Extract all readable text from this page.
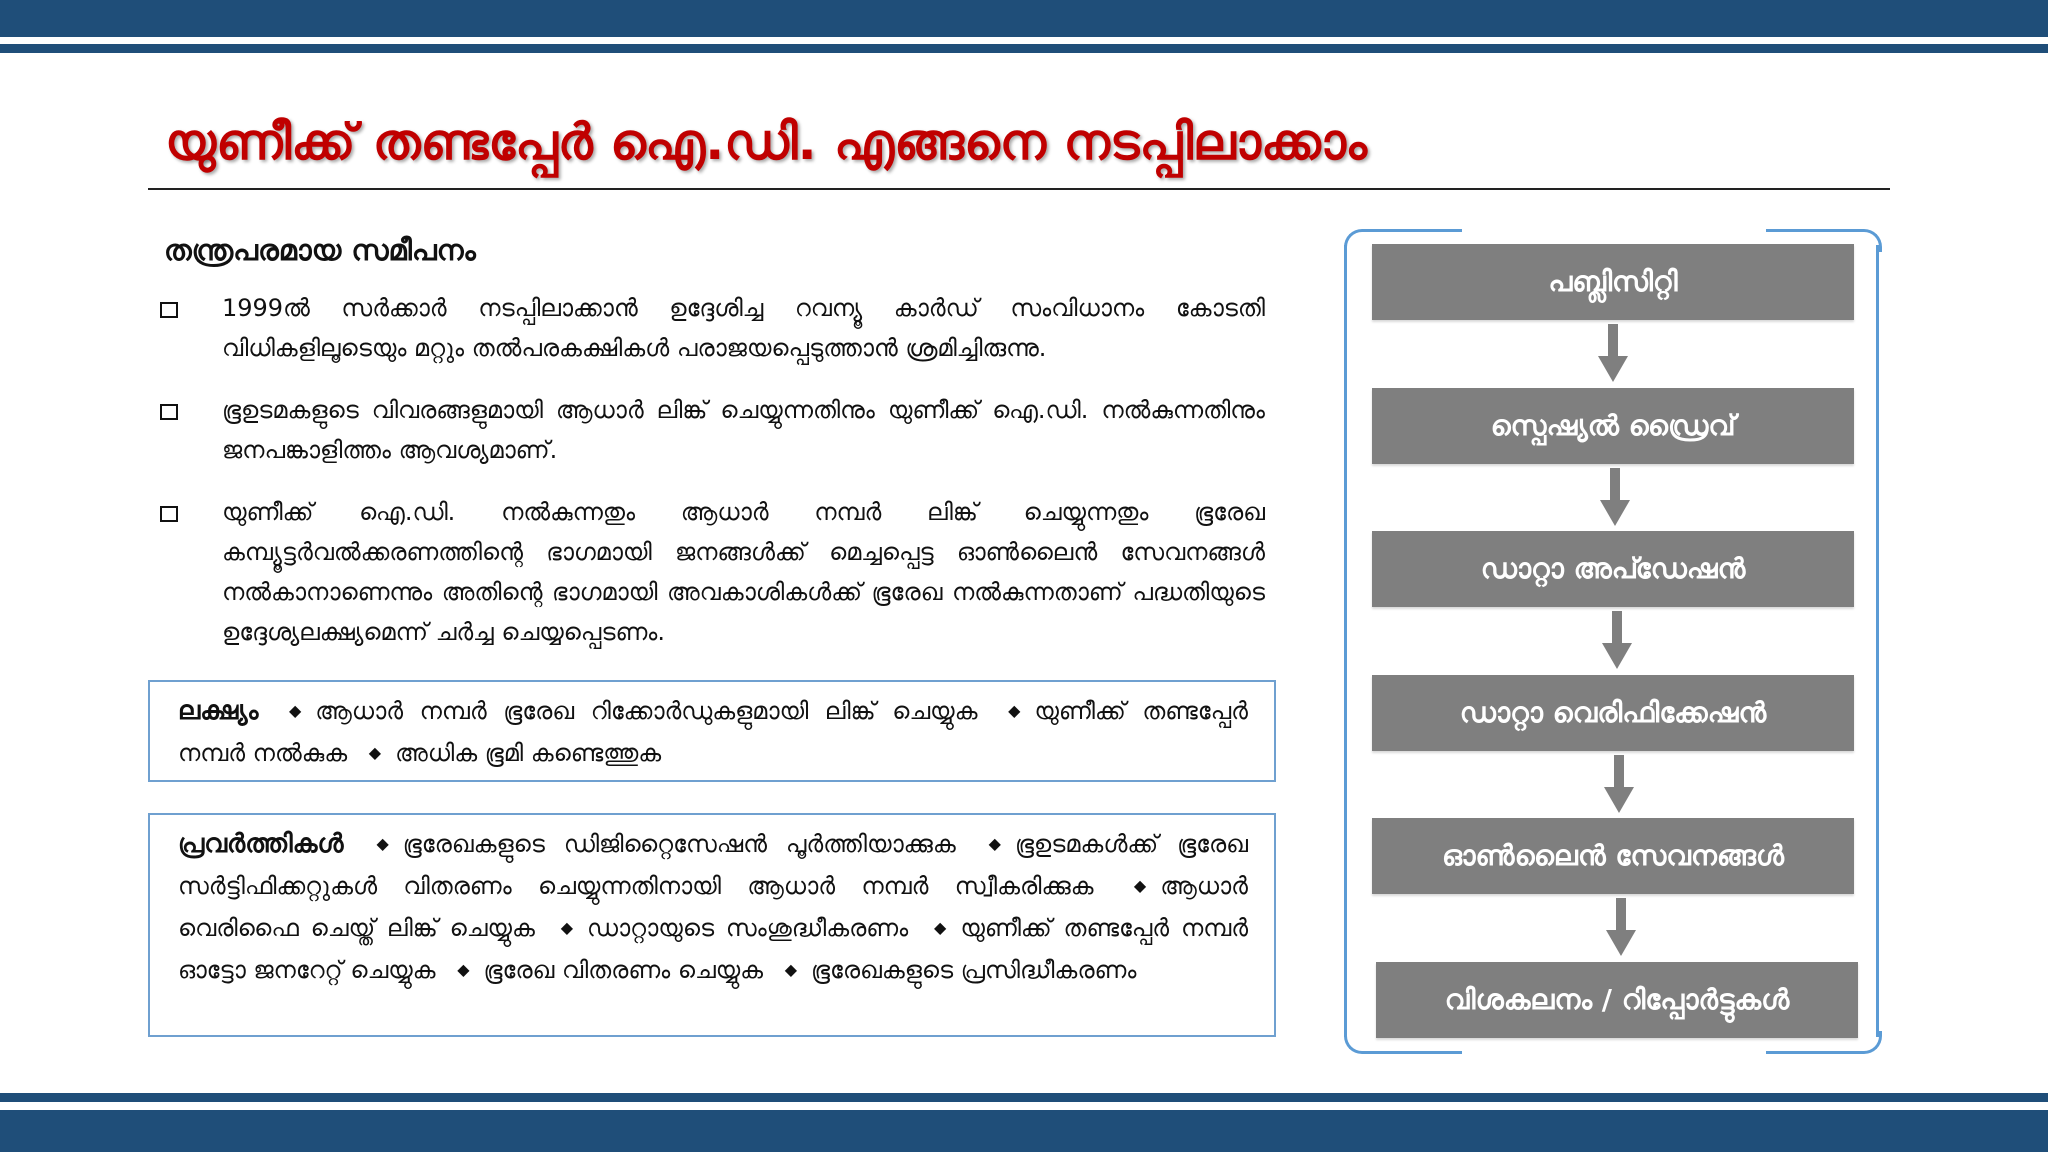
യുണീക്ക് തണ്ടപ്പേർ ഐ.ഡി. എങ്ങനെ നടപ്പിലാക്കാം
തന്ത്രപരമായ സമീപനം
1999ൽ സർക്കാർ നടപ്പിലാക്കാൻ ഉദ്ദേശിച്ച റവന്യൂ കാർഡ് സംവിധാനം കോടതി വിധികളിലൂടെയും മറ്റും തൽപരകക്ഷികൾ പരാജയപ്പെടുത്താൻ ശ്രമിച്ചിരുന്നു.
ഭൂഉടമകളുടെ വിവരങ്ങളുമായി ആധാർ ലിങ്ക് ചെയ്യുന്നതിനും യുണീക്ക് ഐ.ഡി. നൽകുന്നതിനും ജനപങ്കാളിത്തം ആവശ്യമാണ്.
യുണീക്ക് ഐ.ഡി. നൽകുന്നതും ആധാർ നമ്പർ ലിങ്ക് ചെയ്യുന്നതും ഭൂരേഖ കമ്പ്യൂട്ടർവൽക്കരണത്തിന്റെ ഭാഗമായി ജനങ്ങൾക്ക് മെച്ചപ്പെട്ട ഓൺലൈൻ സേവനങ്ങൾ നൽകാനാണെന്നും അതിന്റെ ഭാഗമായി അവകാശികൾക്ക് ഭൂരേഖ നൽകുന്നതാണ് പദ്ധതിയുടെ ഉദ്ദേശ്യലക്ഷ്യമെന്ന് ചർച്ച ചെയ്യപ്പെടണം.
ലക്ഷ്യം ◆ ആധാർ നമ്പർ ഭൂരേഖ റിക്കോർഡുകളുമായി ലിങ്ക് ചെയ്യുക ◆ യുണീക്ക് തണ്ടപ്പേർ നമ്പർ നൽകുക ◆ അധിക ഭൂമി കണ്ടെത്തുക
പ്രവർത്തികൾ ◆ ഭൂരേഖകളുടെ ഡിജിറ്റൈസേഷൻ പൂർത്തിയാക്കുക ◆ ഭൂഉടമകൾക്ക് ഭൂരേഖ സർട്ടിഫിക്കറ്റുകൾ വിതരണം ചെയ്യുന്നതിനായി ആധാർ നമ്പർ സ്വീകരിക്കുക	◆ ആധാർ വെരിഫൈ ചെയ്ത് ലിങ്ക് ചെയ്യുക ◆ ഡാറ്റായുടെ സംശുദ്ധീകരണം ◆ യുണീക്ക് തണ്ടപ്പേർ നമ്പർ ഓട്ടോ ജനറേറ്റ് ചെയ്യുക ◆ ഭൂരേഖ വിതരണം ചെയ്യുക ◆ ഭൂരേഖകളുടെ പ്രസിദ്ധീകരണം
പബ്ലിസിറ്റി
സ്പെഷ്യൽ ഡ്രൈവ്
ഡാറ്റാ അപ്ഡേഷൻ
ഡാറ്റാ വെരിഫിക്കേഷൻ
ഓൺലൈൻ സേവനങ്ങൾ
വിശകലനം / റിപ്പോർട്ടുകൾ
